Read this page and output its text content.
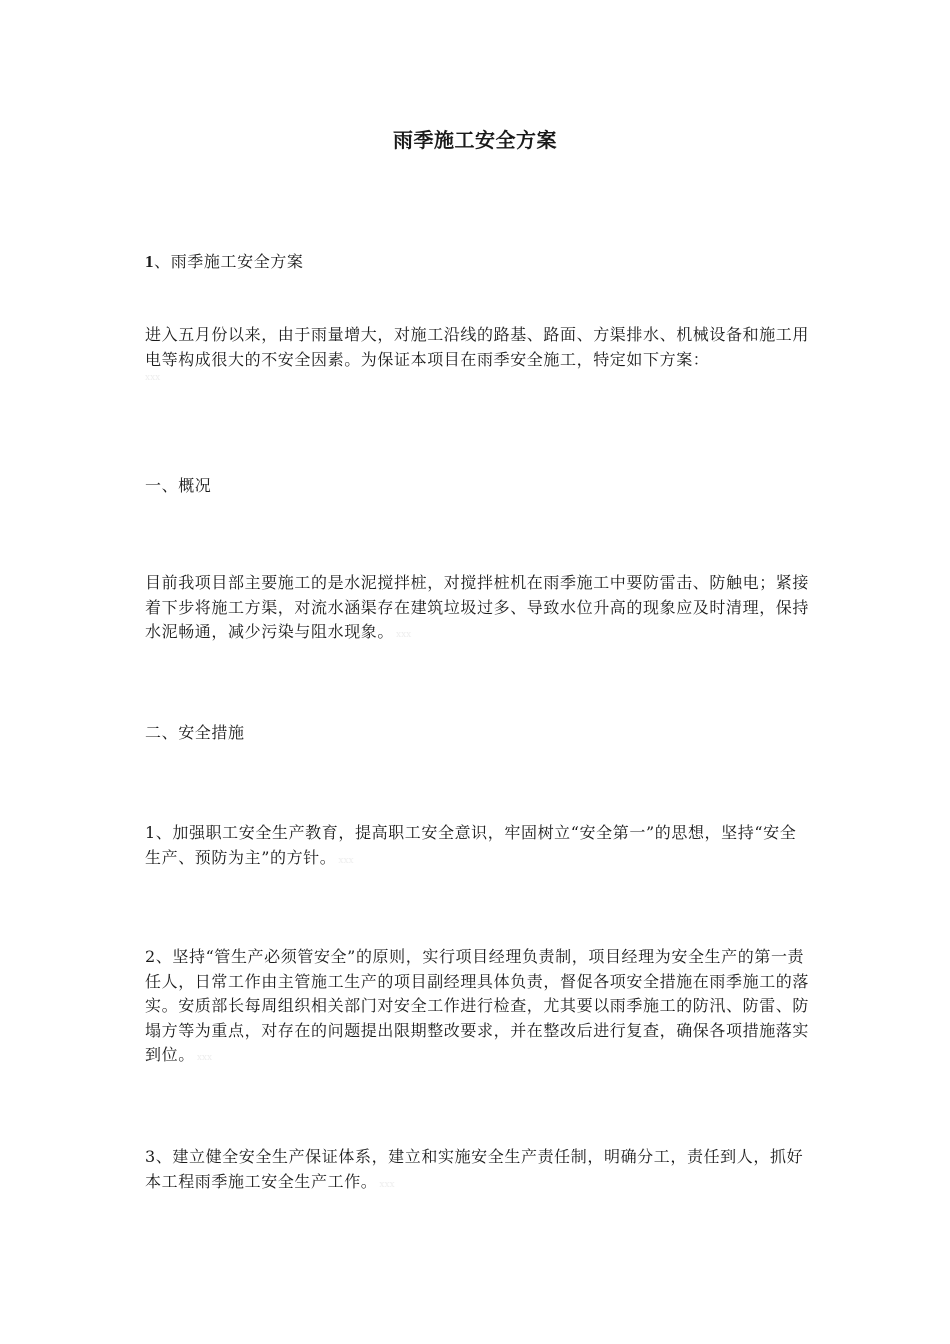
雨季施工安全方案
1、雨季施工安全方案
进入五月份以来，由于雨量增大，对施工沿线的路基、路面、方渠排水、机械设备和施工用电等构成很大的不安全因素。为保证本项目在雨季安全施工，特定如下方案：
xxx
一、概况
目前我项目部主要施工的是水泥搅拌桩，对搅拌桩机在雨季施工中要防雷击、防触电；紧接着下步将施工方渠，对流水涵渠存在建筑垃圾过多、导致水位升高的现象应及时清理，保持水泥畅通，减少污染与阻水现象。 xxx
二、安全措施
1、加强职工安全生产教育，提高职工安全意识，牢固树立“安全第一”的思想，坚持“安全生产、预防为主”的方针。 xxx
2、坚持“管生产必须管安全”的原则，实行项目经理负责制，项目经理为安全生产的第一责任人，日常工作由主管施工生产的项目副经理具体负责，督促各项安全措施在雨季施工的落实。安质部长每周组织相关部门对安全工作进行检查，尤其要以雨季施工的防汛、防雷、防塌方等为重点，对存在的问题提出限期整改要求，并在整改后进行复查，确保各项措施落实到位。 xxx
3、建立健全安全生产保证体系，建立和实施安全生产责任制，明确分工，责任到人，抓好本工程雨季施工安全生产工作。 xxx
